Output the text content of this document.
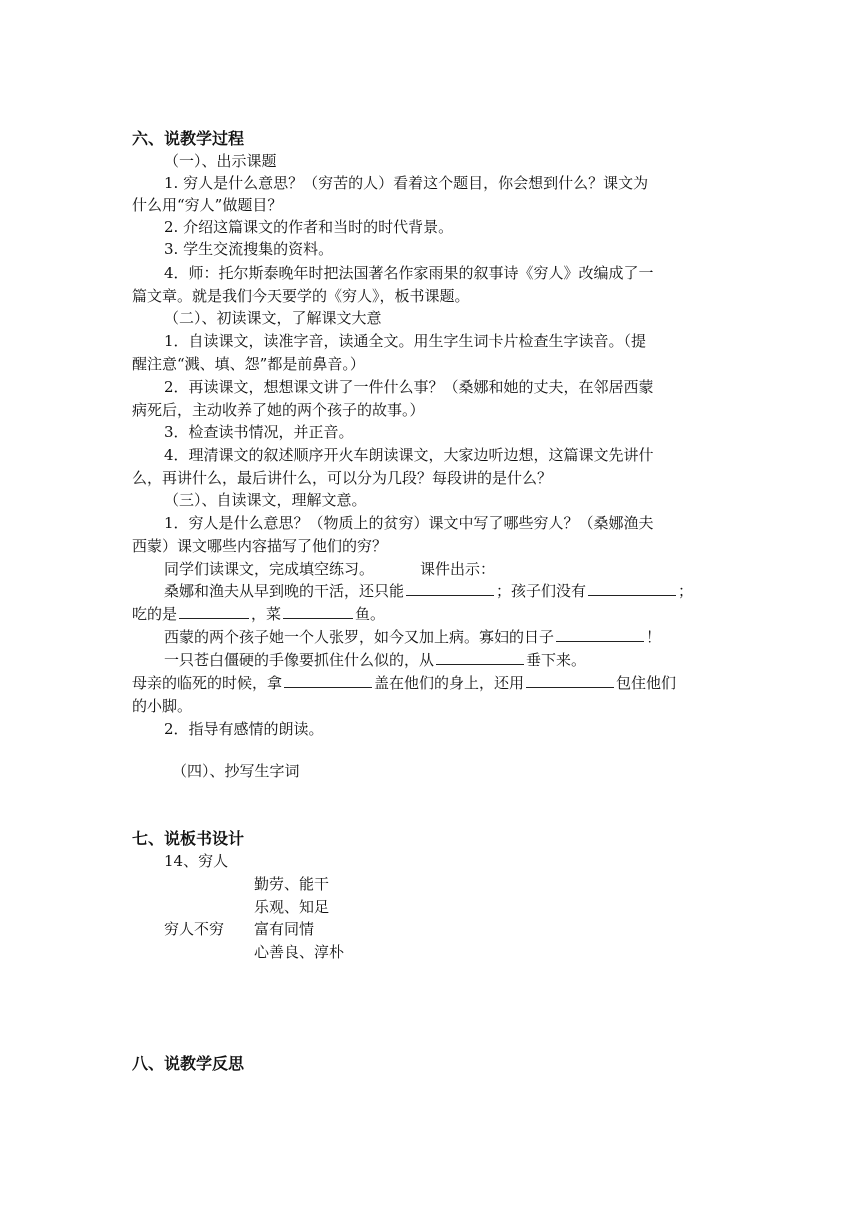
六、说教学过程
（一）、出示课题
1. 穷人是什么意思？（穷苦的人）看着这个题目，你会想到什么？课文为
什么用“穷人”做题目？
2. 介绍这篇课文的作者和当时的时代背景。
3. 学生交流搜集的资料。
4．师：托尔斯泰晚年时把法国著名作家雨果的叙事诗《穷人》改编成了一
篇文章。就是我们今天要学的《穷人》，板书课题。
（二）、初读课文，了解课文大意
1．自读课文，读准字音，读通全文。用生字生词卡片检查生字读音。（提
醒注意“溅、填、怨”都是前鼻音。）
2．再读课文，想想课文讲了一件什么事？（桑娜和她的丈夫，在邻居西蒙
病死后，主动收养了她的两个孩子的故事。）
3．检查读书情况，并正音。
4．理清课文的叙述顺序开火车朗读课文，大家边听边想，这篇课文先讲什
么，再讲什么，最后讲什么，可以分为几段？每段讲的是什么？
（三）、自读课文，理解文意。
1．穷人是什么意思？（物质上的贫穷）课文中写了哪些穷人？（桑娜渔夫
西蒙）课文哪些内容描写了他们的穷？
同学们读课文，完成填空练习。	课件出示：
桑娜和渔夫从早到晚的干活，还只能	；孩子们没有	；
吃的是	，菜	鱼。
西蒙的两个孩子她一个人张罗，如今又加上病。寡妇的日子	！
一只苍白僵硬的手像要抓住什么似的，从	垂下来。
母亲的临死的时候，拿	盖在他们的身上，还用	包住他们
的小脚。
2．指导有感情的朗读。
（四）、抄写生字词
七、说板书设计
14、穷人
勤劳、能干
乐观、知足
穷人不穷 富有同情
心善良、淳朴
八、说教学反思
